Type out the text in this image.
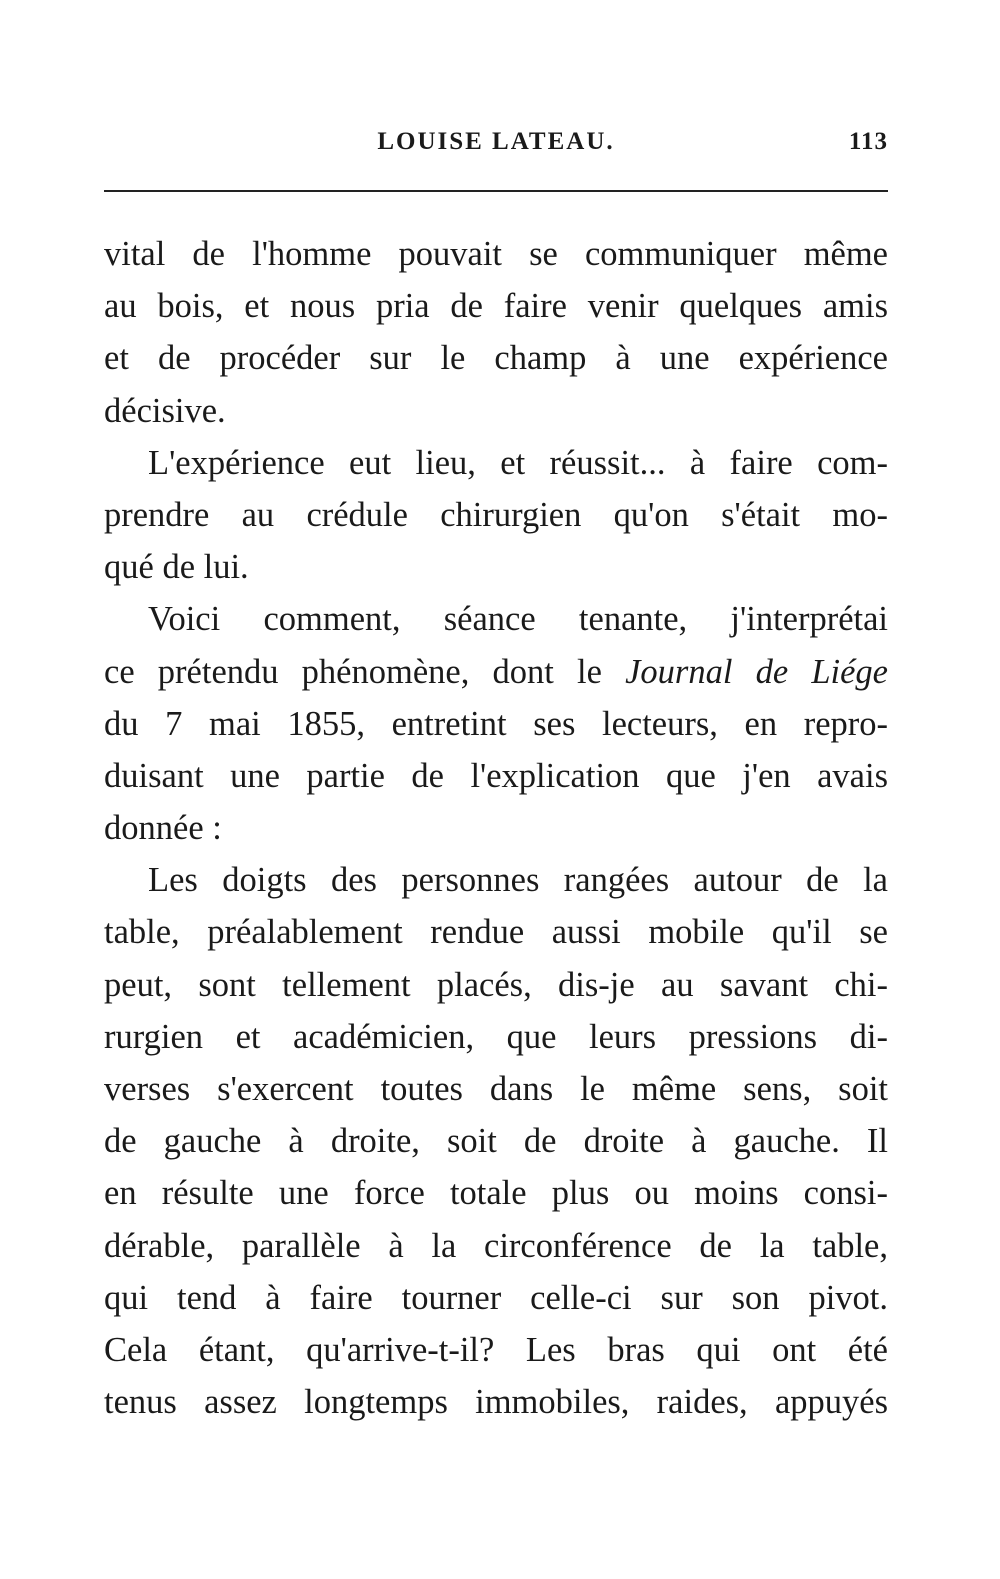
LOUISE LATEAU.	113
vital de l'homme pouvait se communiquer même
au bois, et nous pria de faire venir quelques amis
et de procéder sur le champ à une expérience
décisive.
L'expérience eut lieu, et réussit... à faire com-
prendre au crédule chirurgien qu'on s'était mo-
qué de lui.
Voici comment, séance tenante, j'interprétai
ce prétendu phénomène, dont le Journal de Liége
du 7 mai 1855, entretint ses lecteurs, en repro-
duisant une partie de l'explication que j'en avais
donnée :
Les doigts des personnes rangées autour de la
table, préalablement rendue aussi mobile qu'il se
peut, sont tellement placés, dis-je au savant chi-
rurgien et académicien, que leurs pressions di-
verses s'exercent toutes dans le même sens, soit
de gauche à droite, soit de droite à gauche. Il
en résulte une force totale plus ou moins consi-
dérable, parallèle à la circonférence de la table,
qui tend à faire tourner celle-ci sur son pivot.
Cela étant, qu'arrive-t-il? Les bras qui ont été
tenus assez longtemps immobiles, raides, appuyés
